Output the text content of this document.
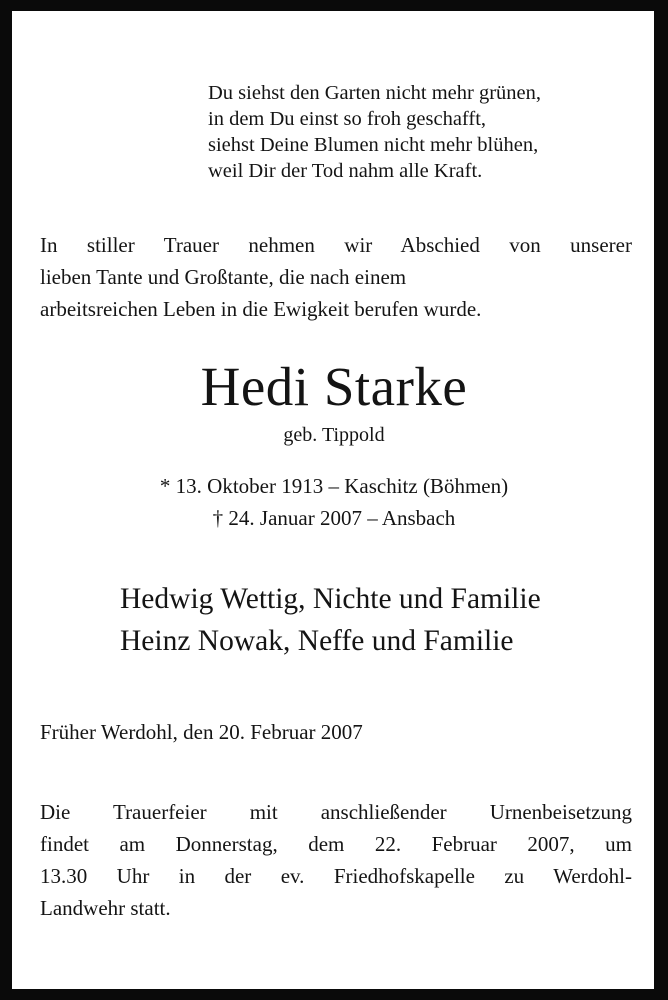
Du siehst den Garten nicht mehr grünen,
in dem Du einst so froh geschafft,
siehst Deine Blumen nicht mehr blühen,
weil Dir der Tod nahm alle Kraft.
In stiller Trauer nehmen wir Abschied von unserer
lieben Tante und Großtante, die nach einem
arbeitsreichen Leben in die Ewigkeit berufen wurde.
Hedi Starke
geb. Tippold
* 13. Oktober 1913 – Kaschitz (Böhmen)
† 24. Januar 2007 – Ansbach
Hedwig Wettig, Nichte und Familie
Heinz Nowak, Neffe und Familie
Früher Werdohl, den 20. Februar 2007
Die Trauerfeier mit anschließender Urnenbeisetzung
findet am Donnerstag, dem 22. Februar 2007, um
13.30 Uhr in der ev. Friedhofskapelle zu Werdohl-
Landwehr statt.
